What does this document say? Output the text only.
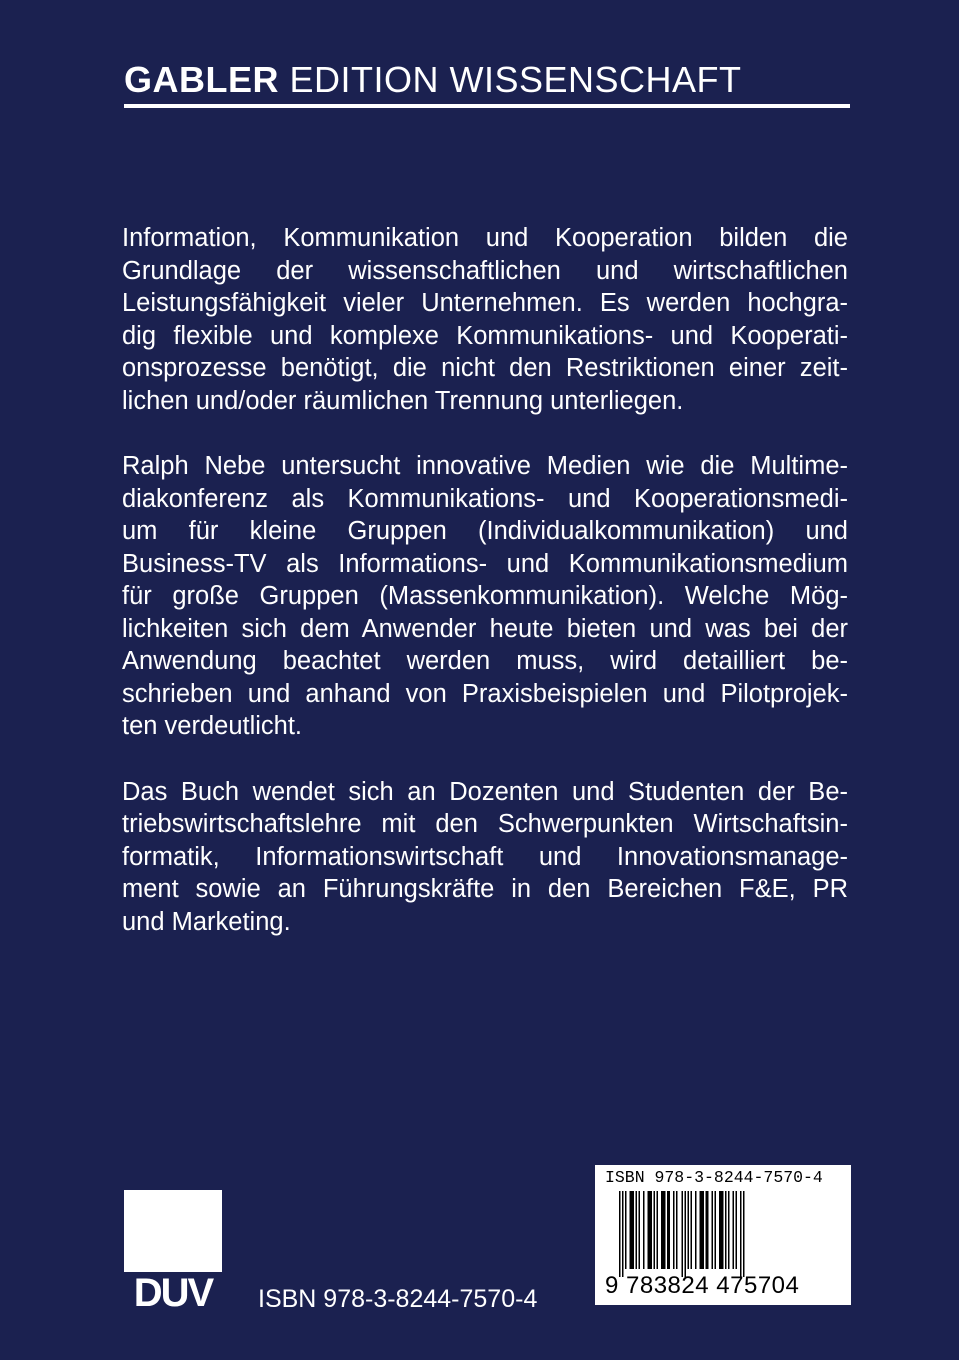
GABLER EDITION WISSENSCHAFT

Information, Kommunikation und Kooperation bilden die
Grundlage der wissenschaftlichen und wirtschaftlichen
Leistungsfähigkeit vieler Unternehmen. Es werden hochgra-
dig flexible und komplexe Kommunikations- und Kooperati-
onsprozesse benötigt, die nicht den Restriktionen einer zeit-
lichen und/oder räumlichen Trennung unterliegen.

Ralph Nebe untersucht innovative Medien wie die Multime-
diakonferenz als Kommunikations- und Kooperationsmedi-
um für kleine Gruppen (Individualkommunikation) und
Business-TV als Informations- und Kommunikationsmedium
für große Gruppen (Massenkommunikation). Welche Mög-
lichkeiten sich dem Anwender heute bieten und was bei der
Anwendung beachtet werden muss, wird detailliert be-
schrieben und anhand von Praxisbeispielen und Pilotprojek-
ten verdeutlicht.

Das Buch wendet sich an Dozenten und Studenten der Be-
triebswirtschaftslehre mit den Schwerpunkten Wirtschaftsin-
formatik, Informationswirtschaft und Innovationsmanage-
ment sowie an Führungskräfte in den Bereichen F&E, PR
und Marketing.

DUV ISBN 978-3-8244-7570-4
ISBN 978-3-8244-7570-4
9 783824 475704
